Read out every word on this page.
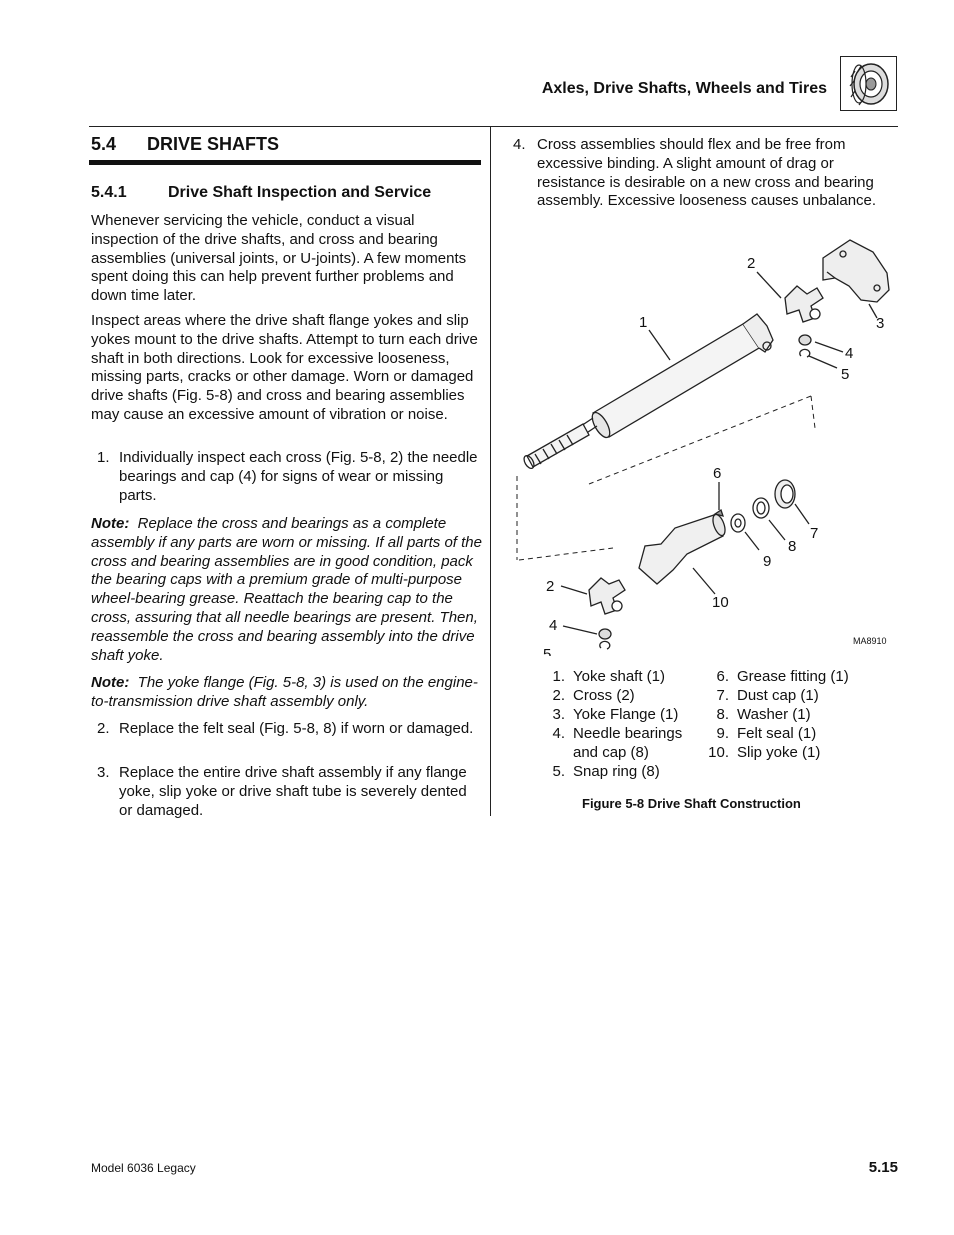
Axles, Drive Shafts, Wheels and Tires
5.4 DRIVE SHAFTS
5.4.1	Drive Shaft Inspection and Service
Whenever servicing the vehicle, conduct a visual inspection of the drive shafts, and cross and bearing assemblies (universal joints, or U-joints). A few moments spent doing this can help prevent further problems and down time later.
Inspect areas where the drive shaft flange yokes and slip yokes mount to the drive shafts. Attempt to turn each drive shaft in both directions. Look for excessive looseness, missing parts, cracks or other damage. Worn or damaged drive shafts (Fig. 5-8) and cross and bearing assemblies may cause an excessive amount of vibration or noise.
1. Individually inspect each cross (Fig. 5-8, 2) the needle bearings and cap (4) for signs of wear or missing parts.
Note: Replace the cross and bearings as a complete assembly if any parts are worn or missing. If all parts of the cross and bearing assemblies are in good condition, pack the bearing caps with a premium grade of multi-purpose wheel-bearing grease. Reattach the bearing cap to the cross, assuring that all needle bearings are present. Then, reassemble the cross and bearing assembly into the drive shaft yoke.
Note: The yoke flange (Fig. 5-8, 3) is used on the engine-to-transmission drive shaft assembly only.
2. Replace the felt seal (Fig. 5-8, 8) if worn or damaged.
3. Replace the entire drive shaft assembly if any flange yoke, slip yoke or drive shaft tube is severely dented or damaged.
4. Cross assemblies should flex and be free from excessive binding. A slight amount of drag or resistance is desirable on a new cross and bearing assembly. Excessive looseness causes unbalance.
1
2
3
4
5
6
7
8
9
10
2
4
5
MA8910
1. Yoke shaft (1)
2. Cross (2)
3. Yoke Flange (1)
4. Needle bearings
and cap (8)
5. Snap ring (8)
6. Grease fitting (1)
7. Dust cap (1)
8. Washer (1)
9. Felt seal (1)
10. Slip yoke (1)
Figure 5-8 Drive Shaft Construction
Model 6036 Legacy	5.15
